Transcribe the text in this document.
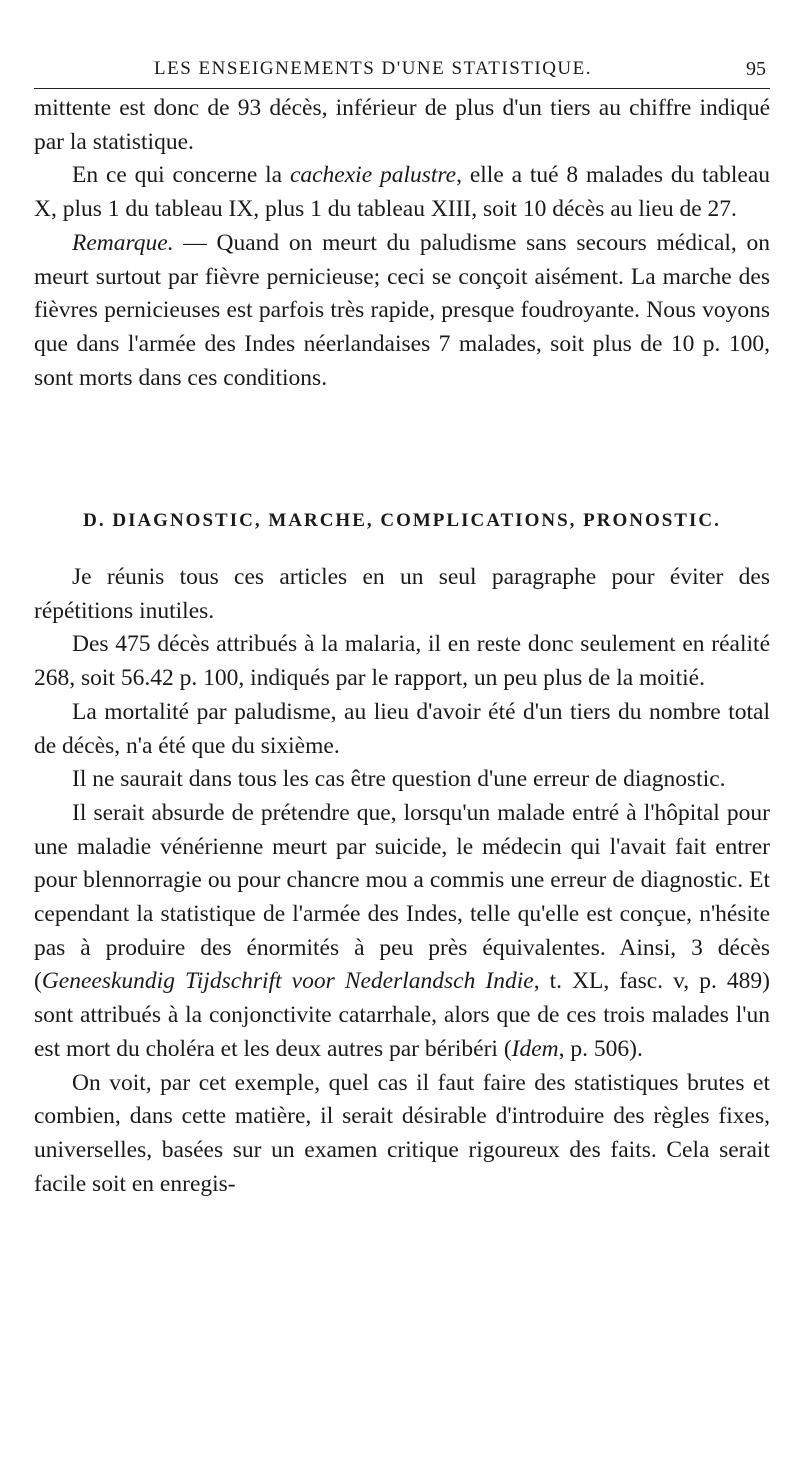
LES ENSEIGNEMENTS D'UNE STATISTIQUE.	95

mittente est donc de 93 décès, inférieur de plus d'un tiers au chiffre indiqué par la statistique.

En ce qui concerne la cachexie palustre, elle a tué 8 malades du tableau X, plus 1 du tableau IX, plus 1 du tableau XIII, soit 10 décès au lieu de 27.

Remarque. — Quand on meurt du paludisme sans secours médical, on meurt surtout par fièvre pernicieuse; ceci se conçoit aisément. La marche des fièvres pernicieuses est parfois très rapide, presque foudroyante. Nous voyons que dans l'armée des Indes néerlandaises 7 malades, soit plus de 10 p. 100, sont morts dans ces conditions.

D. DIAGNOSTIC, MARCHE, COMPLICATIONS, PRONOSTIC.

Je réunis tous ces articles en un seul paragraphe pour éviter des répétitions inutiles.

Des 475 décès attribués à la malaria, il en reste donc seulement en réalité 268, soit 56.42 p. 100, indiqués par le rapport, un peu plus de la moitié.

La mortalité par paludisme, au lieu d'avoir été d'un tiers du nombre total de décès, n'a été que du sixième.

Il ne saurait dans tous les cas être question d'une erreur de diagnostic.

Il serait absurde de prétendre que, lorsqu'un malade entré à l'hôpital pour une maladie vénérienne meurt par suicide, le médecin qui l'avait fait entrer pour blennorragie ou pour chancre mou a commis une erreur de diagnostic. Et cependant la statistique de l'armée des Indes, telle qu'elle est conçue, n'hésite pas à produire des énormités à peu près équivalentes. Ainsi, 3 décès (Geneeskundig Tijdschrift voor Nederlandsch Indie, t. XL, fasc. v, p. 489) sont attribués à la conjonctivite catarrhale, alors que de ces trois malades l'un est mort du choléra et les deux autres par béribéri (Idem, p. 506).

On voit, par cet exemple, quel cas il faut faire des statistiques brutes et combien, dans cette matière, il serait désirable d'introduire des règles fixes, universelles, basées sur un examen critique rigoureux des faits. Cela serait facile soit en enregis-
